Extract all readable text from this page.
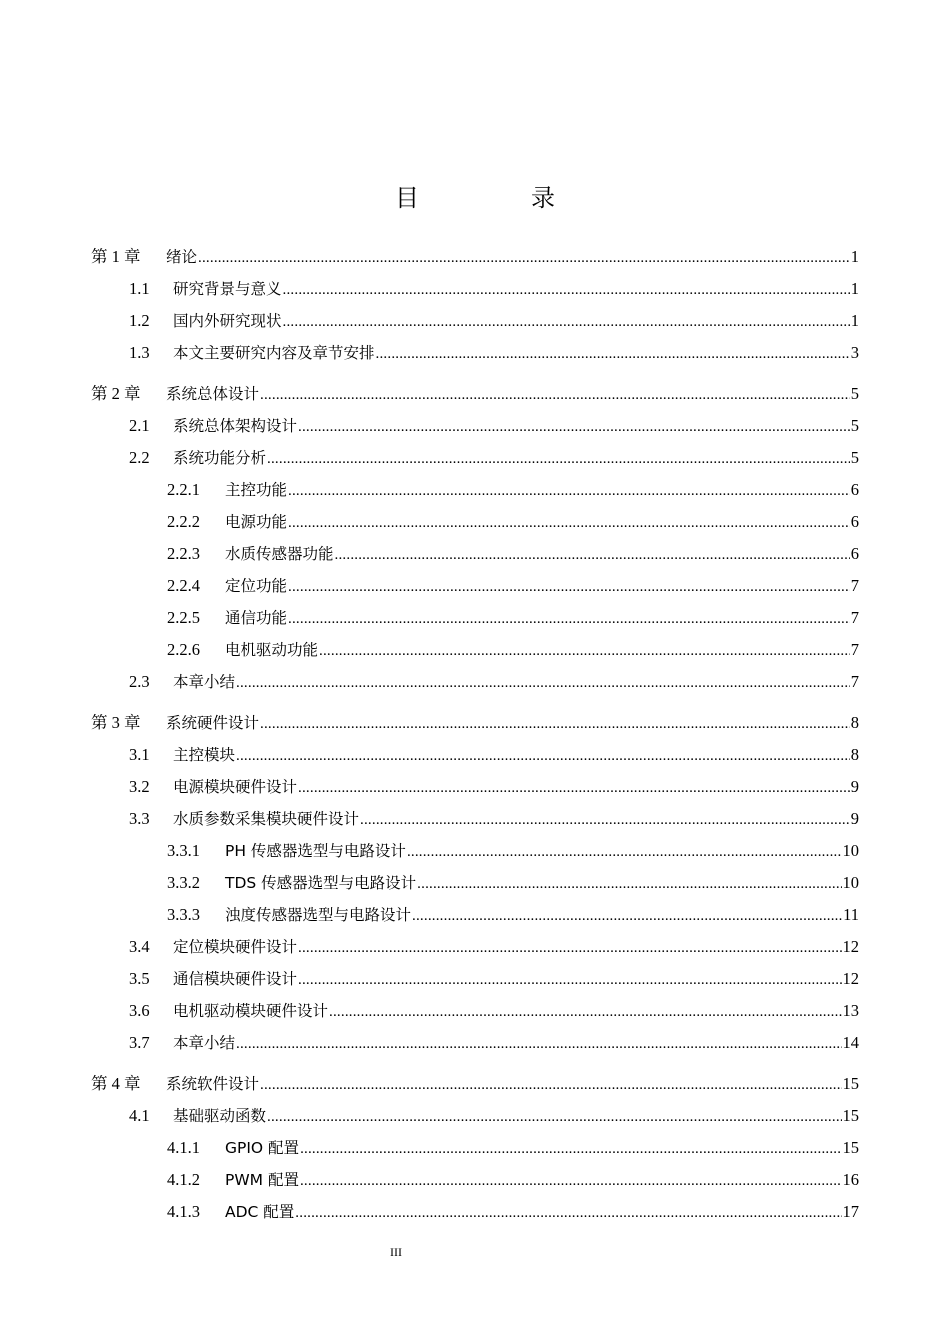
目　录
第 1 章	绪论 .....	1
1.1	研究背景与意义 .....	1
1.2	国内外研究现状 .....	1
1.3	本文主要研究内容及章节安排 .....	3
第 2 章	系统总体设计 .....	5
2.1	系统总体架构设计 .....	5
2.2	系统功能分析 .....	5
2.2.1	主控功能 .....	6
2.2.2	电源功能 .....	6
2.2.3	水质传感器功能 .....	6
2.2.4	定位功能 .....	7
2.2.5	通信功能 .....	7
2.2.6	电机驱动功能 .....	7
2.3	本章小结 .....	7
第 3 章	系统硬件设计 .....	8
3.1	主控模块 .....	8
3.2	电源模块硬件设计 .....	9
3.3	水质参数采集模块硬件设计 .....	9
3.3.1	PH 传感器选型与电路设计 .....	10
3.3.2	TDS 传感器选型与电路设计 .....	10
3.3.3	浊度传感器选型与电路设计 .....	11
3.4	定位模块硬件设计 .....	12
3.5	通信模块硬件设计 .....	12
3.6	电机驱动模块硬件设计 .....	13
3.7	本章小结 .....	14
第 4 章	系统软件设计 .....	15
4.1	基础驱动函数 .....	15
4.1.1	GPIO 配置 .....	15
4.1.2	PWM 配置 .....	16
4.1.3	ADC 配置 .....	17
III
